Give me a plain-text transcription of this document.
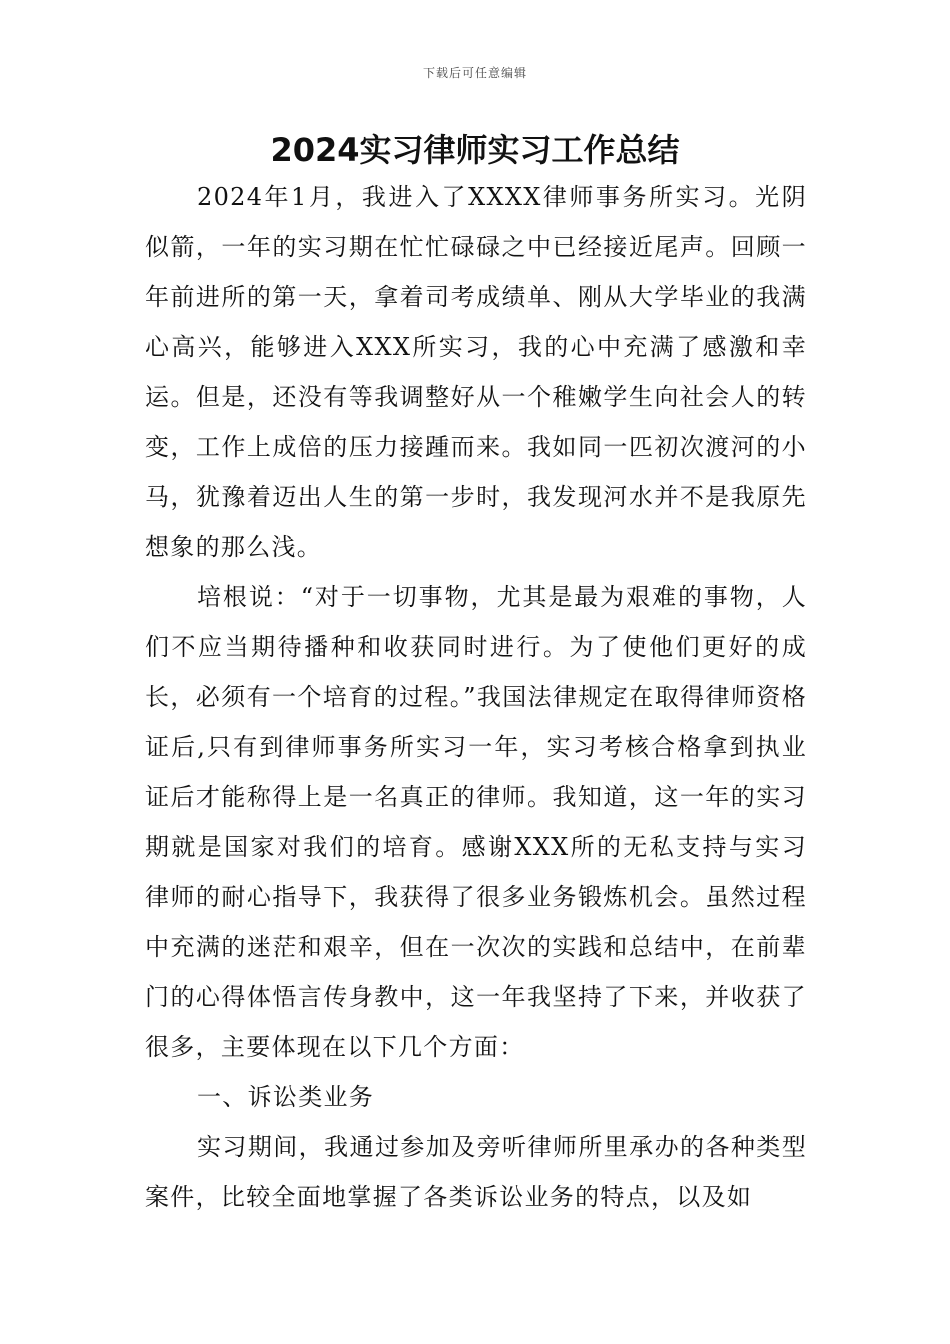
下载后可任意编辑
2024实习律师实习工作总结

2024年1月，我进入了XXXX律师事务所实习。光阴似箭，一年的实习期在忙忙碌碌之中已经接近尾声。回顾一年前进所的第一天，拿着司考成绩单、刚从大学毕业的我满心高兴，能够进入XXX所实习，我的心中充满了感激和幸运。但是，还没有等我调整好从一个稚嫩学生向社会人的转变，工作上成倍的压力接踵而来。我如同一匹初次渡河的小马，犹豫着迈出人生的第一步时，我发现河水并不是我原先想象的那么浅。

培根说：“对于一切事物，尤其是最为艰难的事物，人们不应当期待播种和收获同时进行。为了使他们更好的成长，必须有一个培育的过程。”我国法律规定在取得律师资格证后,只有到律师事务所实习一年，实习考核合格拿到执业证后才能称得上是一名真正的律师。我知道，这一年的实习期就是国家对我们的培育。感谢XXX所的无私支持与实习律师的耐心指导下，我获得了很多业务锻炼机会。虽然过程中充满的迷茫和艰辛，但在一次次的实践和总结中，在前辈门的心得体悟言传身教中，这一年我坚持了下来，并收获了很多，主要体现在以下几个方面：

一、诉讼类业务

实习期间，我通过参加及旁听律师所里承办的各种类型案件，比较全面地掌握了各类诉讼业务的特点，以及如
